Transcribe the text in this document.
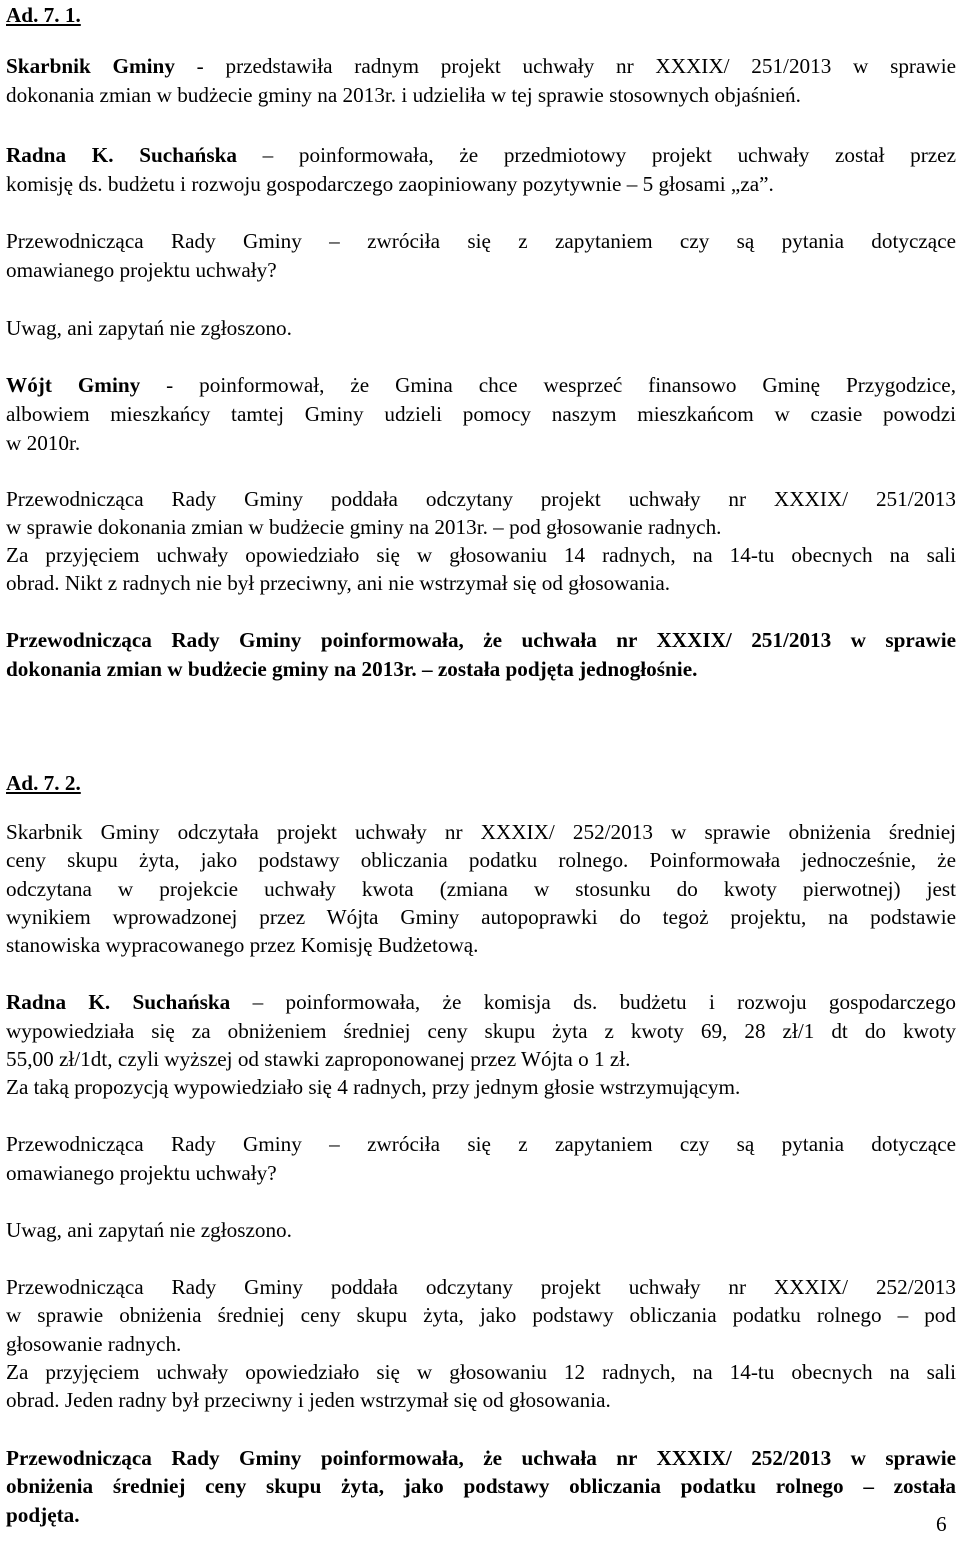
Ad. 7. 1.
Skarbnik Gminy - przedstawiła radnym projekt uchwały nr XXXIX/ 251/2013 w sprawie
dokonania zmian w budżecie gminy na 2013r. i udzieliła w tej sprawie stosownych objaśnień.
Radna K. Suchańska – poinformowała, że przedmiotowy projekt uchwały został przez
komisję ds. budżetu i rozwoju gospodarczego zaopiniowany pozytywnie – 5 głosami „za”.
Przewodnicząca Rady Gminy – zwróciła się z zapytaniem czy są pytania dotyczące
omawianego projektu uchwały?
Uwag, ani zapytań nie zgłoszono.
Wójt Gminy - poinformował, że Gmina chce wesprzeć finansowo Gminę Przygodzice,
albowiem mieszkańcy tamtej Gminy udzieli pomocy naszym mieszkańcom w czasie powodzi
w 2010r.
Przewodnicząca Rady Gminy poddała odczytany projekt uchwały nr XXXIX/ 251/2013
w sprawie dokonania zmian w budżecie gminy na 2013r. – pod głosowanie radnych.
Za przyjęciem uchwały opowiedziało się w głosowaniu 14 radnych, na 14-tu obecnych na sali
obrad. Nikt z radnych nie był przeciwny, ani nie wstrzymał się od głosowania.
Przewodnicząca Rady Gminy poinformowała, że uchwała nr XXXIX/ 251/2013 w sprawie
dokonania zmian w budżecie gminy na 2013r. – została podjęta jednogłośnie.
Ad. 7. 2.
Skarbnik Gminy odczytała projekt uchwały nr XXXIX/ 252/2013 w sprawie obniżenia średniej
ceny skupu żyta, jako podstawy obliczania podatku rolnego. Poinformowała jednocześnie, że
odczytana w projekcie uchwały kwota (zmiana w stosunku do kwoty pierwotnej) jest
wynikiem wprowadzonej przez Wójta Gminy autopoprawki do tegoż projektu, na podstawie
stanowiska wypracowanego przez Komisję Budżetową.
Radna K. Suchańska – poinformowała, że komisja ds. budżetu i rozwoju gospodarczego
wypowiedziała się za obniżeniem średniej ceny skupu żyta z kwoty 69, 28 zł/1 dt do kwoty
55,00 zł/1dt, czyli wyższej od stawki zaproponowanej przez Wójta o 1 zł.
Za taką propozycją wypowiedziało się 4 radnych, przy jednym głosie wstrzymującym.
Przewodnicząca Rady Gminy – zwróciła się z zapytaniem czy są pytania dotyczące
omawianego projektu uchwały?
Uwag, ani zapytań nie zgłoszono.
Przewodnicząca Rady Gminy poddała odczytany projekt uchwały nr XXXIX/ 252/2013
w sprawie obniżenia średniej ceny skupu żyta, jako podstawy obliczania podatku rolnego – pod
głosowanie radnych.
Za przyjęciem uchwały opowiedziało się w głosowaniu 12 radnych, na 14-tu obecnych na sali
obrad. Jeden radny był przeciwny i jeden wstrzymał się od głosowania.
Przewodnicząca Rady Gminy poinformowała, że uchwała nr XXXIX/ 252/2013 w sprawie
obniżenia średniej ceny skupu żyta, jako podstawy obliczania podatku rolnego – została
podjęta.	6
